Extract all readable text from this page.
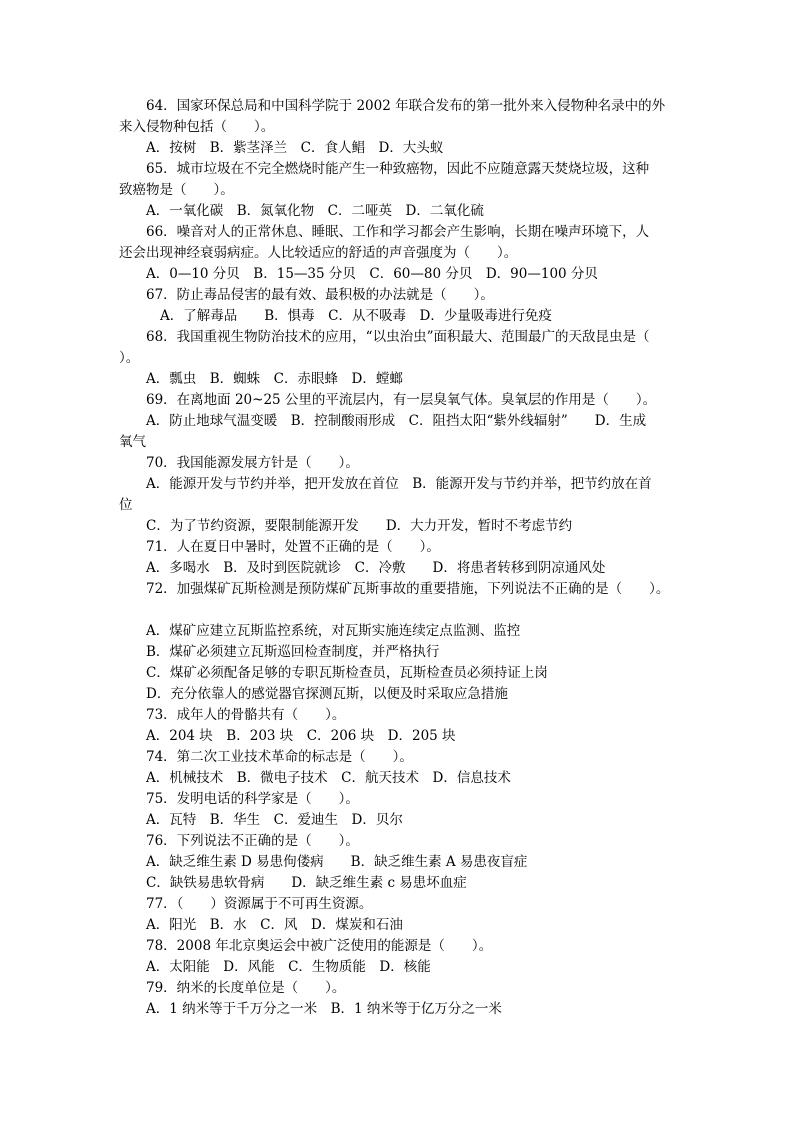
64．国家环保总局和中国科学院于 2002 年联合发布的第一批外来入侵物种名录中的外
来入侵物种包括（　　）。
A．按树　B．紫茎泽兰　C．食人鲳　D．大头蚁
65．城市垃圾在不完全燃烧时能产生一种致癌物，因此不应随意露天焚烧垃圾，这种
致癌物是（　　）。
A．一氧化碳　B．氮氧化物　C．二哑英　D．二氧化硫
66．噪音对人的正常休息、睡眠、工作和学习都会产生影响，长期在噪声环境下，人
还会出现神经衰弱病症。人比较适应的舒适的声音强度为（　　）。
A．0—10 分贝　B．15—35 分贝　C．60—80 分贝　D．90—100 分贝
67．防止毒品侵害的最有效、最积极的办法就是（　　）。
A．了解毒品　　B．惧毒　C．从不吸毒　D．少量吸毒进行免疫
68．我国重视生物防治技术的应用，“以虫治虫”面积最大、范围最广的天敌昆虫是（
）。
A．瓢虫　B．蜘蛛　C．赤眼蜂　D．螳螂
69．在离地面 20~25 公里的平流层内，有一层臭氧气体。臭氧层的作用是（　　）。
A．防止地球气温变暖　B．控制酸雨形成　C．阻挡太阳“紫外线辐射”　　D．生成
氧气
70．我国能源发展方针是（　　）。
A．能源开发与节约并举，把开发放在首位　B．能源开发与节约并举，把节约放在首
位
C．为了节约资源，要限制能源开发　　D．大力开发，暂时不考虑节约
71．人在夏日中暑时，处置不正确的是（　　）。
A．多喝水　B．及时到医院就诊　C．冷敷　　D．将患者转移到阴凉通风处
72．加强煤矿瓦斯检测是预防煤矿瓦斯事故的重要措施，下列说法不正确的是（　　）。
A．煤矿应建立瓦斯监控系统，对瓦斯实施连续定点监测、监控
B．煤矿必须建立瓦斯巡回检查制度，并严格执行
C．煤矿必须配备足够的专职瓦斯检查员，瓦斯检查员必须持证上岗
D．充分依靠人的感觉器官探测瓦斯，以便及时采取应急措施
73．成年人的骨骼共有（　　）。
A．204 块　B．203 块　C．206 块　D．205 块
74．第二次工业技术革命的标志是（　　）。
A．机械技术　B．微电子技术　C．航天技术　D．信息技术
75．发明电话的科学家是（　　）。
A．瓦特　B．华生　C．爱迪生　D．贝尔
76．下列说法不正确的是（　　）。
A．缺乏维生素 D 易患佝偻病　　B．缺乏维生素 A 易患夜盲症
C．缺铁易患软骨病　　D．缺乏维生素 c 易患坏血症
77．（　　）资源属于不可再生资源。
A．阳光　B．水　C．风　D．煤炭和石油
78．2008 年北京奥运会中被广泛使用的能源是（　　）。
A．太阳能　D．风能　C．生物质能　D．核能
79．纳米的长度单位是（　　）。
A．1 纳米等于千万分之一米　B．1 纳米等于亿万分之一米
